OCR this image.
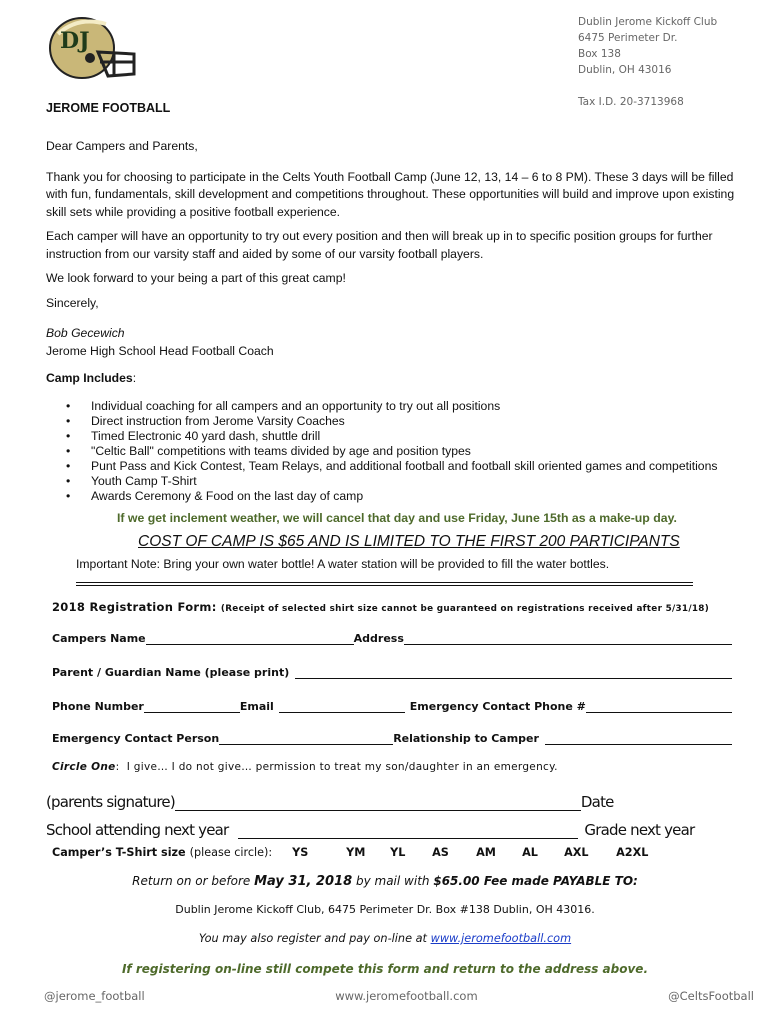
DJ
Dublin Jerome Kickoff Club
6475 Perimeter Dr.
Box 138
Dublin, OH 43016
Tax I.D. 20-3713968
JEROME FOOTBALL

Dear Campers and Parents,

Thank you for choosing to participate in the Celts Youth Football Camp (June 12, 13, 14 – 6 to 8 PM). These 3 days will be filled with fun, fundamentals, skill development and competitions throughout. These opportunities will build and improve upon existing skill sets while providing a positive football experience.

Each camper will have an opportunity to try out every position and then will break up in to specific position groups for further instruction from our varsity staff and aided by some of our varsity football players.

We look forward to your being a part of this great camp!

Sincerely,

Bob Gecewich
Jerome High School Head Football Coach
Camp Includes:
• Individual coaching for all campers and an opportunity to try out all positions
• Direct instruction from Jerome Varsity Coaches
• Timed Electronic 40 yard dash, shuttle drill
• "Celtic Ball" competitions with teams divided by age and position types
• Punt Pass and Kick Contest, Team Relays, and additional football and football skill oriented games and competitions
• Youth Camp T-Shirt
• Awards Ceremony & Food on the last day of camp
If we get inclement weather, we will cancel that day and use Friday, June 15th as a make-up day.
COST OF CAMP IS $65 AND IS LIMITED TO THE FIRST 200 PARTICIPANTS
Important Note: Bring your own water bottle! A water station will be provided to fill the water bottles.
2018 Registration Form: (Receipt of selected shirt size cannot be guaranteed on registrations received after 5/31/18)
Campers Name	Address
Parent / Guardian Name (please print)
Phone Number	Email	Emergency Contact Phone #
Emergency Contact Person	Relationship to Camper
Circle One:  I give… I do not give… permission to treat my son/daughter in an emergency.
(parents signature)	Date
School attending next year	Grade next year
Camper’s T-Shirt size (please circle): YS	YM	YL	AS	AM	AL	AXL	A2XL
Return on or before May 31, 2018 by mail with $65.00 Fee made PAYABLE TO:
Dublin Jerome Kickoff Club, 6475 Perimeter Dr. Box #138 Dublin, OH 43016.
You may also register and pay on-line at www.jeromefootball.com
If registering on-line still compete this form and return to the address above.
@jerome_football	www.jeromefootball.com	@CeltsFootball
